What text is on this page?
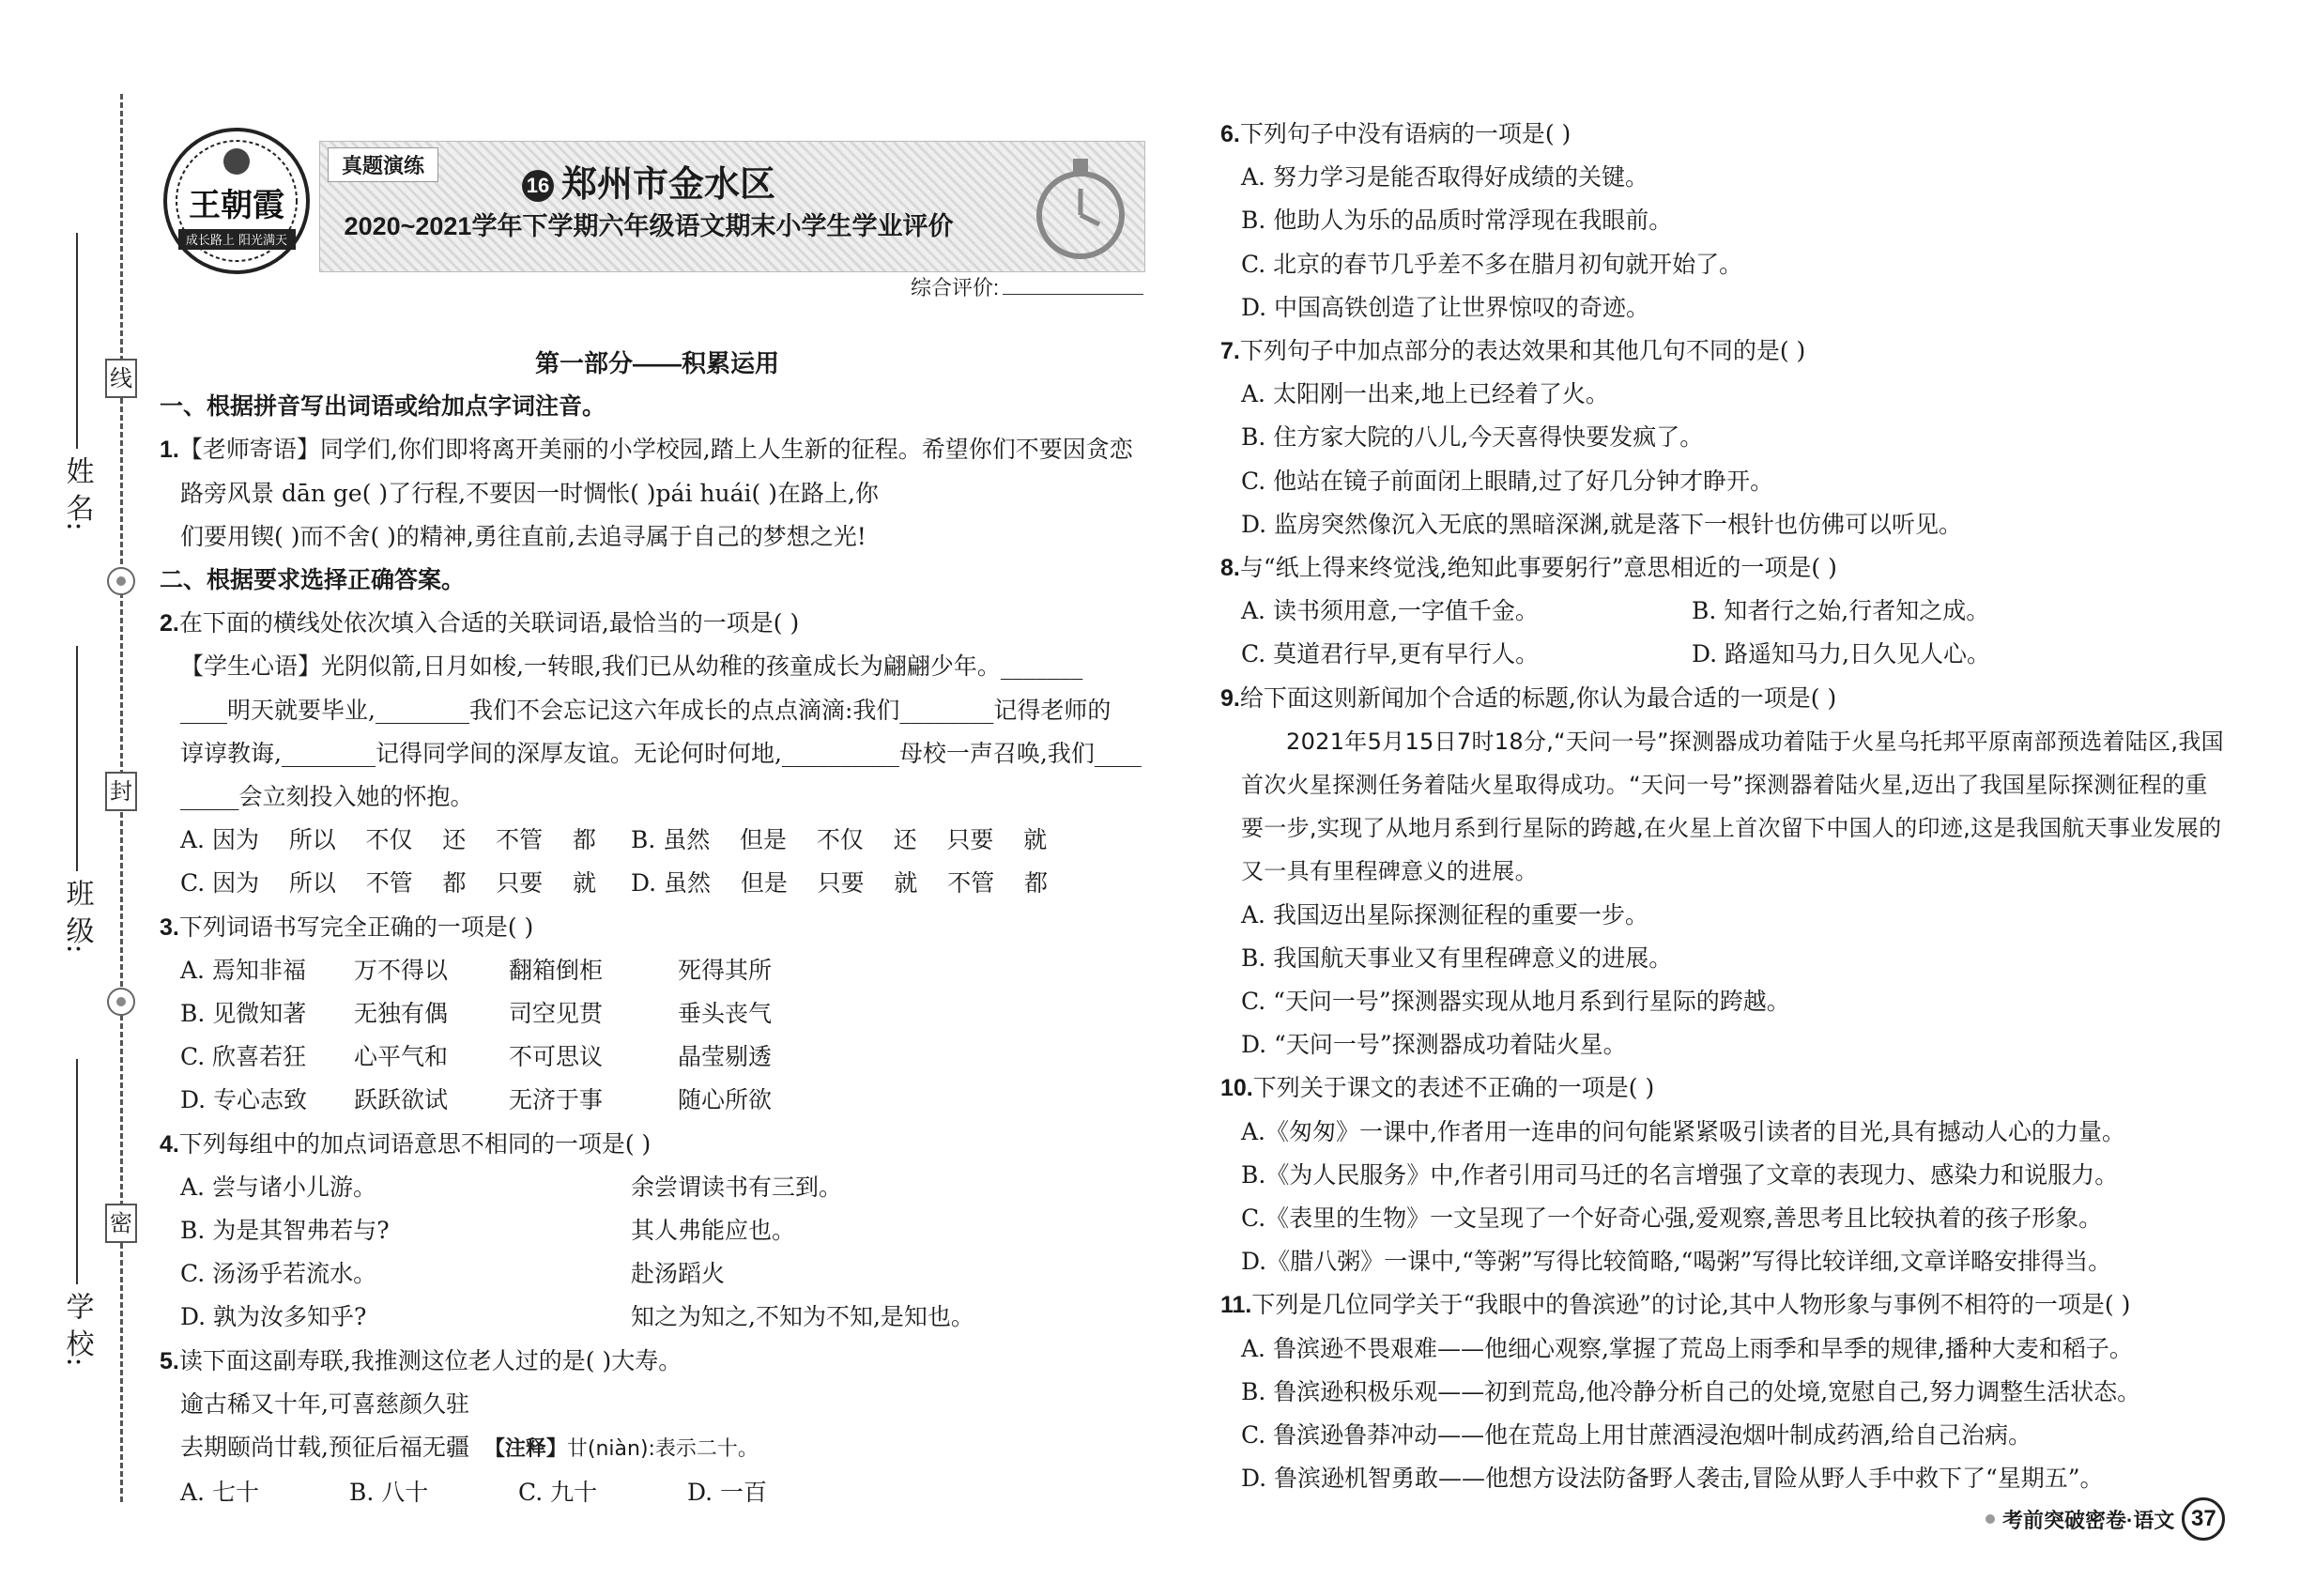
线
封
密
姓 名:
班 级:
学 校:
王朝霞
成长路上 阳光满天
真题演练
16 郑州市金水区
2020~2021学年下学期六年级语文期末小学生学业评价
综合评价:
第一部分——积累运用
一、根据拼音写出词语或给加点字词注音。
1.【老师寄语】同学们,你们即将离开美丽的小学校园,踏上人生新的征程。希望你们不要因贪恋
路旁风景 dān ge( )了行程,不要因一时惆怅( )pái huái( )在路上,你
们要用锲( )而不舍( )的精神,勇往直前,去追寻属于自己的梦想之光!
二、根据要求选择正确答案。
2.在下面的横线处依次填入合适的关联词语,最恰当的一项是( )
【学生心语】光阴似箭,日月如梭,一转眼,我们已从幼稚的孩童成长为翩翩少年。_______
____明天就要毕业,________我们不会忘记这六年成长的点点滴滴:我们________记得老师的
谆谆教诲,________记得同学间的深厚友谊。无论何时何地,__________母校一声召唤,我们____
_____会立刻投入她的怀抱。
A. 因为    所以    不仅    还    不管    都	B. 虽然    但是    不仅    还    只要    就
C. 因为    所以    不管    都    只要    就	D. 虽然    但是    只要    就    不管    都
3.下列词语书写完全正确的一项是( )
A. 焉知非福	万不得以	翻箱倒柜	死得其所
B. 见微知著	无独有偶	司空见贯	垂头丧气
C. 欣喜若狂	心平气和	不可思议	晶莹剔透
D. 专心志致	跃跃欲试	无济于事	随心所欲
4.下列每组中的加点词语意思不相同的一项是( )
A. 尝与诸小儿游。	余尝谓读书有三到。
B. 为是其智弗若与?	其人弗能应也。
C. 汤汤乎若流水。	赴汤蹈火
D. 孰为汝多知乎?	知之为知之,不知为不知,是知也。
5.读下面这副寿联,我推测这位老人过的是( )大寿。
逾古稀又十年,可喜慈颜久驻
去期颐尚廿载,预征后福无疆 【注释】廿(niàn):表示二十。
A. 七十	B. 八十	C. 九十	D. 一百
6.下列句子中没有语病的一项是( )
A. 努力学习是能否取得好成绩的关键。
B. 他助人为乐的品质时常浮现在我眼前。
C. 北京的春节几乎差不多在腊月初旬就开始了。
D. 中国高铁创造了让世界惊叹的奇迹。
7.下列句子中加点部分的表达效果和其他几句不同的是( )
A. 太阳刚一出来,地上已经着了火。
B. 住方家大院的八儿,今天喜得快要发疯了。
C. 他站在镜子前面闭上眼睛,过了好几分钟才睁开。
D. 监房突然像沉入无底的黑暗深渊,就是落下一根针也仿佛可以听见。
8.与“纸上得来终觉浅,绝知此事要躬行”意思相近的一项是( )
A. 读书须用意,一字值千金。	B. 知者行之始,行者知之成。
C. 莫道君行早,更有早行人。	D. 路遥知马力,日久见人心。
9.给下面这则新闻加个合适的标题,你认为最合适的一项是( )
2021年5月15日7时18分,“天问一号”探测器成功着陆于火星乌托邦平原南部预选着陆区,我国首次火星探测任务着陆火星取得成功。“天问一号”探测器着陆火星,迈出了我国星际探测征程的重要一步,实现了从地月系到行星际的跨越,在火星上首次留下中国人的印迹,这是我国航天事业发展的又一具有里程碑意义的进展。
A. 我国迈出星际探测征程的重要一步。
B. 我国航天事业又有里程碑意义的进展。
C. “天问一号”探测器实现从地月系到行星际的跨越。
D. “天问一号”探测器成功着陆火星。
10.下列关于课文的表述不正确的一项是( )
A.《匆匆》一课中,作者用一连串的问句能紧紧吸引读者的目光,具有撼动人心的力量。
B.《为人民服务》中,作者引用司马迁的名言增强了文章的表现力、感染力和说服力。
C.《表里的生物》一文呈现了一个好奇心强,爱观察,善思考且比较执着的孩子形象。
D.《腊八粥》一课中,“等粥”写得比较简略,“喝粥”写得比较详细,文章详略安排得当。
11.下列是几位同学关于“我眼中的鲁滨逊”的讨论,其中人物形象与事例不相符的一项是( )
A. 鲁滨逊不畏艰难——他细心观察,掌握了荒岛上雨季和旱季的规律,播种大麦和稻子。
B. 鲁滨逊积极乐观——初到荒岛,他冷静分析自己的处境,宽慰自己,努力调整生活状态。
C. 鲁滨逊鲁莽冲动——他在荒岛上用甘蔗酒浸泡烟叶制成药酒,给自己治病。
D. 鲁滨逊机智勇敢——他想方设法防备野人袭击,冒险从野人手中救下了“星期五”。
考前突破密卷·语文 37
